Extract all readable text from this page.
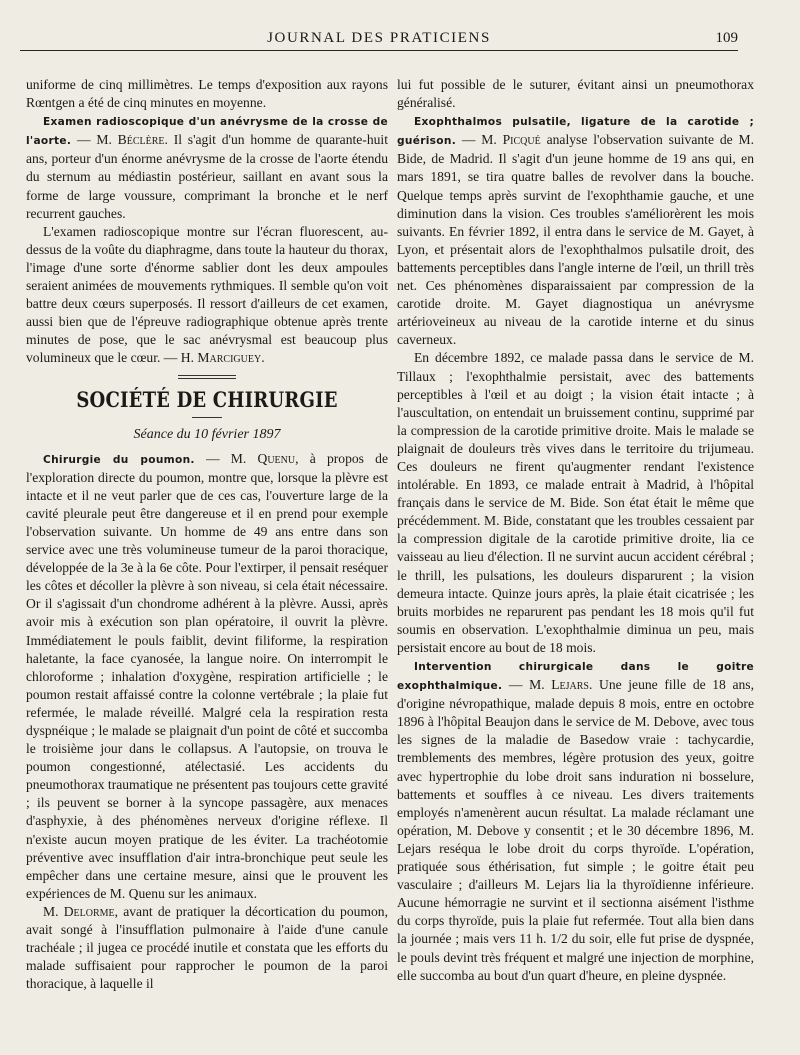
JOURNAL DES PRATICIENS	109

uniforme de cinq millimètres. Le temps d'exposition aux rayons Rœntgen a été de cinq minutes en moyenne.

Examen radioscopique d'un anévrysme de la crosse de l'aorte. — M. Béclère. Il s'agit d'un homme de quarante-huit ans, porteur d'un énorme anévrysme de la crosse de l'aorte étendu du sternum au médiastin postérieur, saillant en avant sous la forme de large voussure, comprimant la bronche et le nerf recurrent gauches.

L'examen radioscopique montre sur l'écran fluorescent, au-dessus de la voûte du diaphragme, dans toute la hauteur du thorax, l'image d'une sorte d'énorme sablier dont les deux ampoules seraient animées de mouvements rythmiques. Il semble qu'on voit battre deux cœurs superposés. Il ressort d'ailleurs de cet examen, aussi bien que de l'épreuve radiographique obtenue après trente minutes de pose, que le sac anévrysmal est beaucoup plus volumineux que le cœur. — H. Marciguey.

SOCIÉTÉ DE CHIRURGIE
Séance du 10 février 1897

Chirurgie du poumon. — M. Quenu, à propos de l'exploration directe du poumon, montre que, lorsque la plèvre est intacte et il ne veut parler que de ces cas, l'ouverture large de la cavité pleurale peut être dangereuse et il en prend pour exemple l'observation suivante. Un homme de 49 ans entre dans son service avec une très volumineuse tumeur de la paroi thoracique, développée de la 3e à la 6e côte. Pour l'extirper, il pensait reséquer les côtes et décoller la plèvre à son niveau, si cela était nécessaire. Or il s'agissait d'un chondrome adhérent à la plèvre. Aussi, après avoir mis à exécution son plan opératoire, il ouvrit la plèvre. Immédiatement le pouls faiblit, devint filiforme, la respiration haletante, la face cyanosée, la langue noire. On interrompit le chloroforme ; inhalation d'oxygène, respiration artificielle ; le poumon restait affaissé contre la colonne vertébrale ; la plaie fut refermée, le malade réveillé. Malgré cela la respiration resta dyspnéique ; le malade se plaignait d'un point de côté et succomba le troisième jour dans le collapsus. A l'autopsie, on trouva le poumon congestionné, atélectasié. Les accidents du pneumothorax traumatique ne présentent pas toujours cette gravité ; ils peuvent se borner à la syncope passagère, aux menaces d'asphyxie, à des phénomènes nerveux d'origine réflexe. Il n'existe aucun moyen pratique de les éviter. La trachéotomie préventive avec insufflation d'air intra-bronchique peut seule les empêcher dans une certaine mesure, ainsi que le prouvent les expériences de M. Quenu sur les animaux.

M. Delorme, avant de pratiquer la décortication du poumon, avait songé à l'insufflation pulmonaire à l'aide d'une canule trachéale ; il jugea ce procédé inutile et constata que les efforts du malade suffisaient pour rapprocher le poumon de la paroi thoracique, à laquelle il

lui fut possible de le suturer, évitant ainsi un pneumothorax généralisé.

Exophthalmos pulsatile, ligature de la carotide ; guérison. — M. Picqué analyse l'observation suivante de M. Bide, de Madrid. Il s'agit d'un jeune homme de 19 ans qui, en mars 1891, se tira quatre balles de revolver dans la bouche. Quelque temps après survint de l'exophthamie gauche, et une diminution dans la vision. Ces troubles s'améliorèrent les mois suivants. En février 1892, il entra dans le service de M. Gayet, à Lyon, et présentait alors de l'exophthalmos pulsatile droit, des battements perceptibles dans l'angle interne de l'œil, un thrill très net. Ces phénomènes disparaissaient par compression de la carotide droite. M. Gayet diagnostiqua un anévrysme artérioveineux au niveau de la carotide interne et du sinus caverneux.

En décembre 1892, ce malade passa dans le service de M. Tillaux ; l'exophthalmie persistait, avec des battements perceptibles à l'œil et au doigt ; la vision était intacte ; à l'auscultation, on entendait un bruissement continu, supprimé par la compression de la carotide primitive droite. Mais le malade se plaignait de douleurs très vives dans le territoire du trijumeau. Ces douleurs ne firent qu'augmenter rendant l'existence intolérable. En 1893, ce malade entrait à Madrid, à l'hôpital français dans le service de M. Bide. Son état était le même que précédemment. M. Bide, constatant que les troubles cessaient par la compression digitale de la carotide primitive droite, lia ce vaisseau au lieu d'élection. Il ne survint aucun accident cérébral ; le thrill, les pulsations, les douleurs disparurent ; la vision demeura intacte. Quinze jours après, la plaie était cicatrisée ; les bruits morbides ne reparurent pas pendant les 18 mois qu'il fut soumis en observation. L'exophthalmie diminua un peu, mais persistait encore au bout de 18 mois.

Intervention chirurgicale dans le goitre exophthalmique. — M. Lejars. Une jeune fille de 18 ans, d'origine névropathique, malade depuis 8 mois, entre en octobre 1896 à l'hôpital Beaujon dans le service de M. Debove, avec tous les signes de la maladie de Basedow vraie : tachycardie, tremblements des membres, légère protusion des yeux, goitre avec hypertrophie du lobe droit sans induration ni bosselure, battements et souffles à ce niveau. Les divers traitements employés n'amenèrent aucun résultat. La malade réclamant une opération, M. Debove y consentit ; et le 30 décembre 1896, M. Lejars reséqua le lobe droit du corps thyroïde. L'opération, pratiquée sous éthérisation, fut simple ; le goitre était peu vasculaire ; d'ailleurs M. Lejars lia la thyroïdienne inférieure. Aucune hémorragie ne survint et il sectionna aisément l'isthme du corps thyroïde, puis la plaie fut refermée. Tout alla bien dans la journée ; mais vers 11 h. 1/2 du soir, elle fut prise de dyspnée, le pouls devint très fréquent et malgré une injection de morphine, elle succomba au bout d'un quart d'heure, en pleine dyspnée.
